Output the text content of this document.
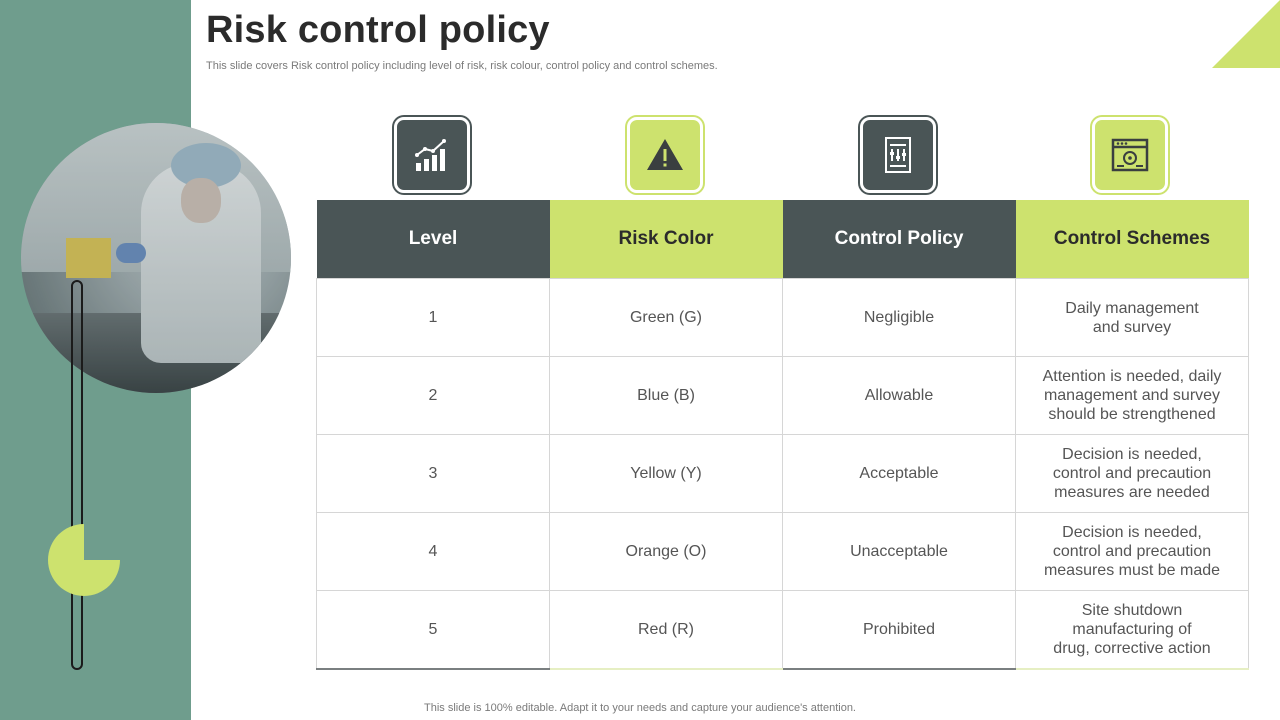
Risk control policy
This slide covers Risk control policy including level of risk, risk colour, control policy and control schemes.
Level	Risk Color	Control Policy	Control Schemes
1	Green (G)	Negligible	Daily management and survey
2	Blue (B)	Allowable	Attention is needed, daily management and survey should be strengthened
3	Yellow (Y)	Acceptable	Decision is needed, control and precaution measures are needed
4	Orange (O)	Unacceptable	Decision is needed, control and precaution measures must be made
5	Red (R)	Prohibited	Site shutdown manufacturing of drug, corrective action
This slide is 100% editable. Adapt it to your needs and capture your audience's attention.
